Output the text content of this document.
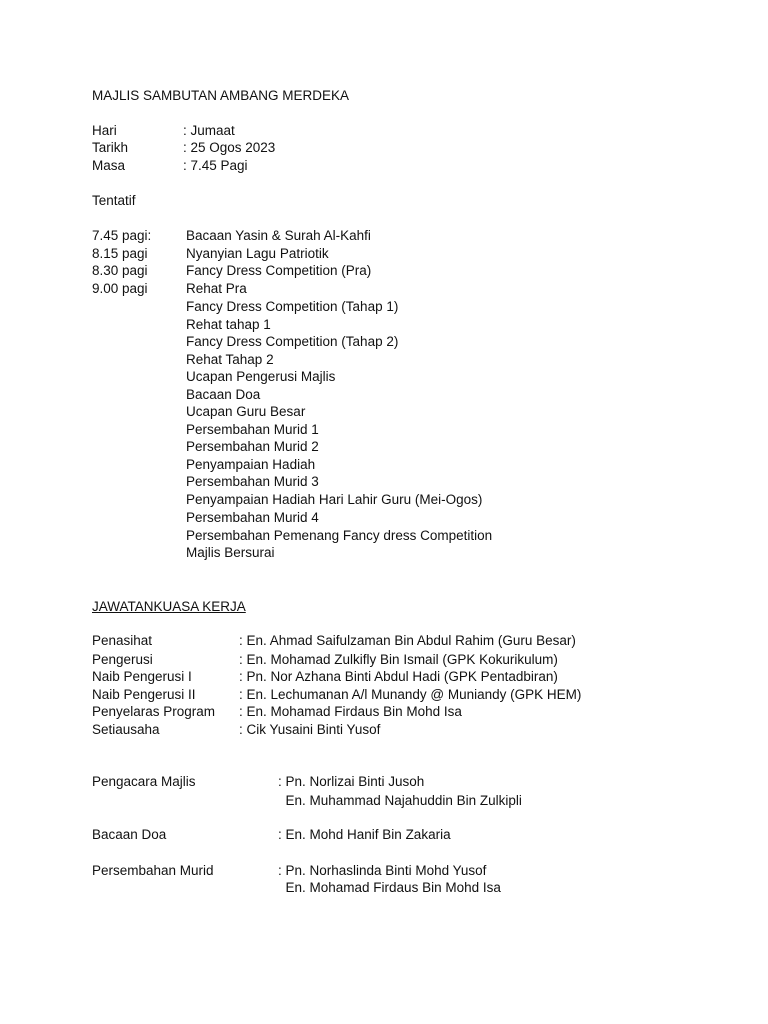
MAJLIS SAMBUTAN AMBANG MERDEKA
Hari	: Jumaat
Tarikh	: 25 Ogos 2023
Masa	: 7.45 Pagi
Tentatif
7.45 pagi:	Bacaan Yasin & Surah Al-Kahfi
8.15 pagi	Nyanyian Lagu Patriotik
8.30 pagi	Fancy Dress Competition (Pra)
9.00 pagi	Rehat Pra
Fancy Dress Competition (Tahap 1)
Rehat tahap 1
Fancy Dress Competition (Tahap 2)
Rehat Tahap 2
Ucapan Pengerusi Majlis
Bacaan Doa
Ucapan Guru Besar
Persembahan Murid 1
Persembahan Murid 2
Penyampaian Hadiah
Persembahan Murid 3
Penyampaian Hadiah Hari Lahir Guru (Mei-Ogos)
Persembahan Murid 4
Persembahan Pemenang Fancy dress Competition
Majlis Bersurai
JAWATANKUASA KERJA
Penasihat	: En. Ahmad Saifulzaman Bin Abdul Rahim (Guru Besar)
Pengerusi	: En. Mohamad Zulkifly Bin Ismail (GPK Kokurikulum)
Naib Pengerusi I	: Pn. Nor Azhana Binti Abdul Hadi (GPK Pentadbiran)
Naib Pengerusi II	: En. Lechumanan A/l Munandy @ Muniandy (GPK HEM)
Penyelaras Program : En. Mohamad Firdaus Bin Mohd Isa
Setiausaha	: Cik Yusaini Binti Yusof
Pengacara Majlis	: Pn. Norlizai Binti Jusoh
En. Muhammad Najahuddin Bin Zulkipli
Bacaan Doa	: En. Mohd Hanif Bin Zakaria
Persembahan Murid	: Pn. Norhaslinda Binti Mohd Yusof
En. Mohamad Firdaus Bin Mohd Isa
